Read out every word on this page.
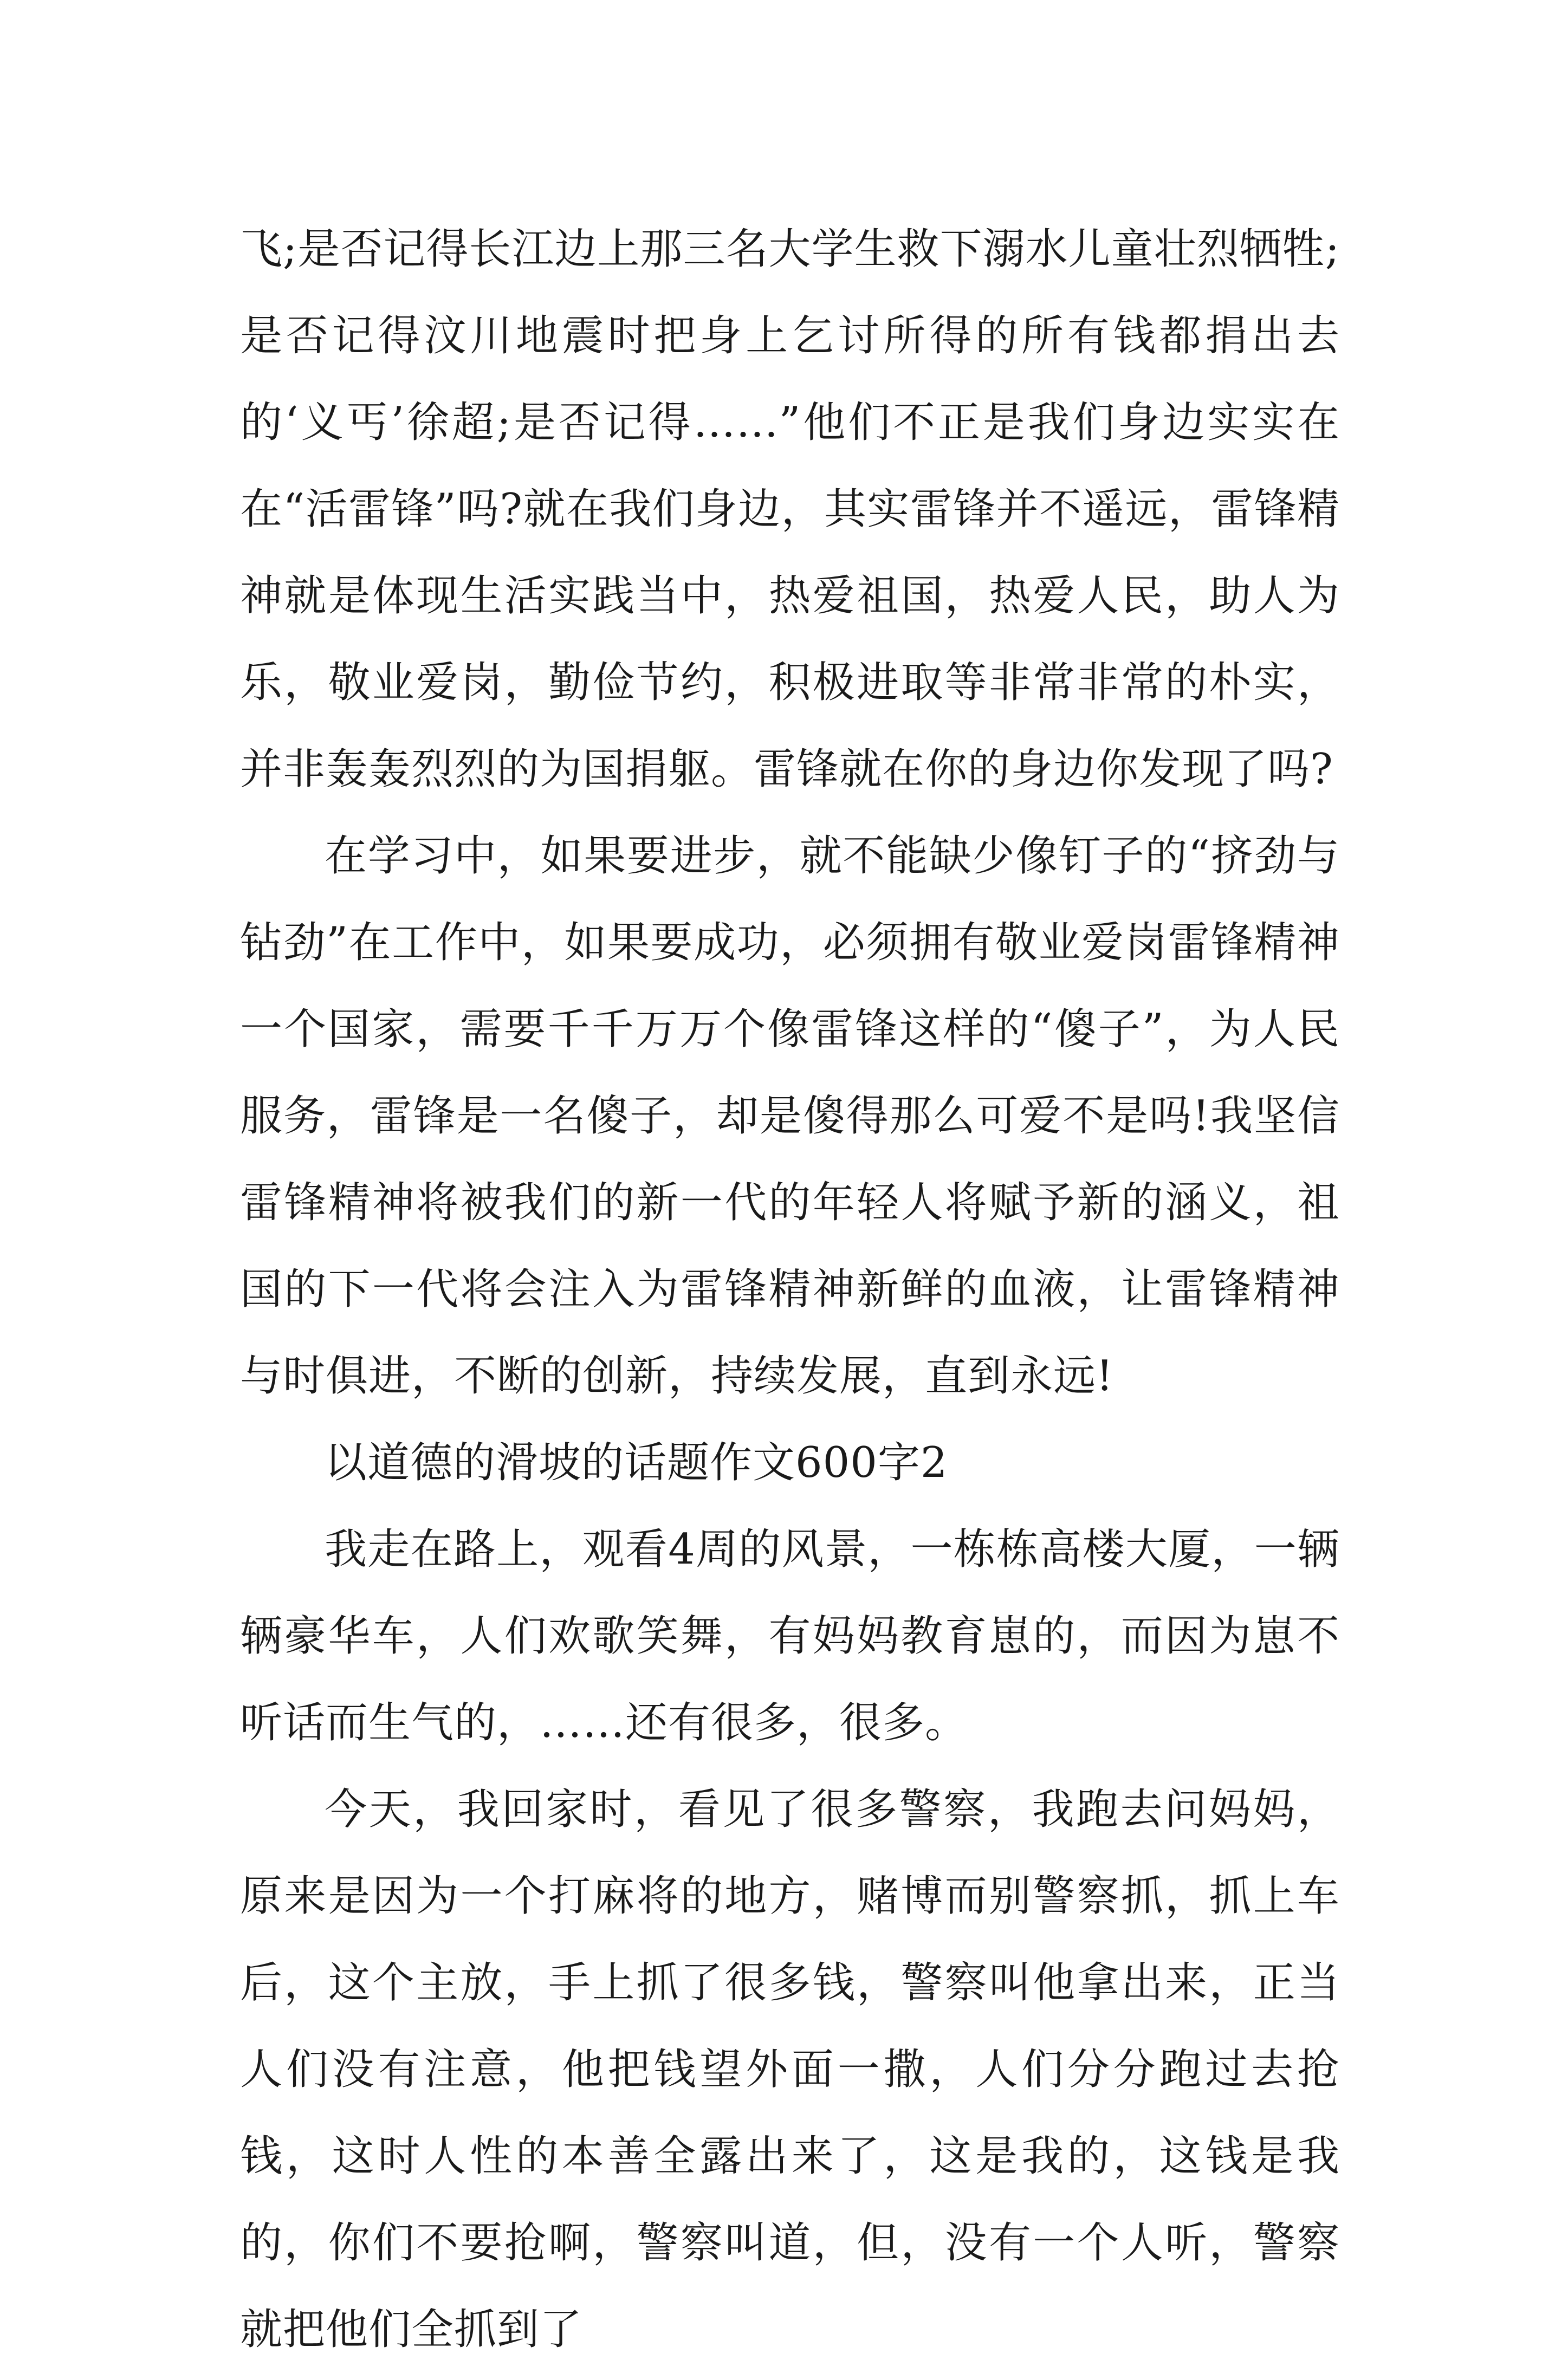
飞;是否记得长江边上那三名大学生救下溺水儿童壮烈牺牲;是否记得汶川地震时把身上乞讨所得的所有钱都捐出去的‘义丐’徐超;是否记得……”他们不正是我们身边实实在在“活雷锋”吗?就在我们身边，其实雷锋并不遥远，雷锋精神就是体现生活实践当中，热爱祖国，热爱人民，助人为乐，敬业爱岗，勤俭节约，积极进取等非常非常的朴实，并非轰轰烈烈的为国捐躯。雷锋就在你的身边你发现了吗?

在学习中，如果要进步，就不能缺少像钉子的“挤劲与钻劲”在工作中，如果要成功，必须拥有敬业爱岗雷锋精神一个国家，需要千千万万个像雷锋这样的“傻子”，为人民服务，雷锋是一名傻子，却是傻得那么可爱不是吗!我坚信雷锋精神将被我们的新一代的年轻人将赋予新的涵义，祖国的下一代将会注入为雷锋精神新鲜的血液，让雷锋精神与时俱进，不断的创新，持续发展，直到永远!

以道德的滑坡的话题作文600字2

我走在路上，观看4周的风景，一栋栋高楼大厦，一辆辆豪华车，人们欢歌笑舞，有妈妈教育崽的，而因为崽不听话而生气的，……还有很多，很多。

今天，我回家时，看见了很多警察，我跑去问妈妈，原来是因为一个打麻将的地方，赌博而别警察抓，抓上车后，这个主放，手上抓了很多钱，警察叫他拿出来，正当人们没有注意，他把钱望外面一撒，人们分分跑过去抢钱，这时人性的本善全露出来了，这是我的，这钱是我的，你们不要抢啊，警察叫道，但，没有一个人听，警察就把他们全抓到了
